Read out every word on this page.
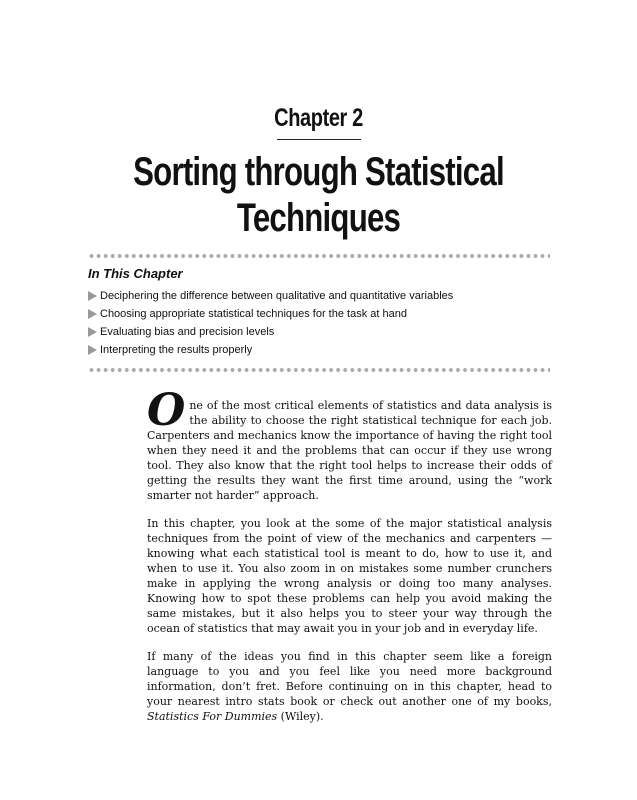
Chapter 2
Sorting through Statistical
Techniques
In This Chapter
Deciphering the difference between qualitative and quantitative variables
Choosing appropriate statistical techniques for the task at hand
Evaluating bias and precision levels
Interpreting the results properly

One of the most critical elements of statistics and data analysis is the ability to choose the right statistical technique for each job. Carpenters and mechanics know the importance of having the right tool when they need it and the problems that can occur if they use wrong tool. They also know that the right tool helps to increase their odds of getting the results they want the first time around, using the “work smarter not harder” approach.

In this chapter, you look at the some of the major statistical analysis techniques from the point of view of the mechanics and carpenters — knowing what each statistical tool is meant to do, how to use it, and when to use it. You also zoom in on mistakes some number crunchers make in applying the wrong analysis or doing too many analyses. Knowing how to spot these problems can help you avoid making the same mistakes, but it also helps you to steer your way through the ocean of statistics that may await you in your job and in everyday life.

If many of the ideas you find in this chapter seem like a foreign language to you and you feel like you need more background information, don’t fret. Before continuing on in this chapter, head to your nearest intro stats book or check out another one of my books, Statistics For Dummies (Wiley).
